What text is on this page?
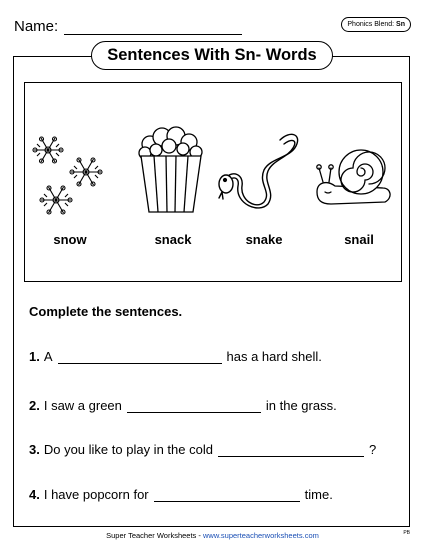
Name:	Phonics Blend: Sn
Sentences With Sn- Words
snow	snack	snake	snail
Complete the sentences.
1. A	has a hard shell.
2. I saw a green	in the grass.
3. Do you like to play in the cold	?
4. I have popcorn for	time.
Super Teacher Worksheets - www.superteacherworksheets.com	PB
